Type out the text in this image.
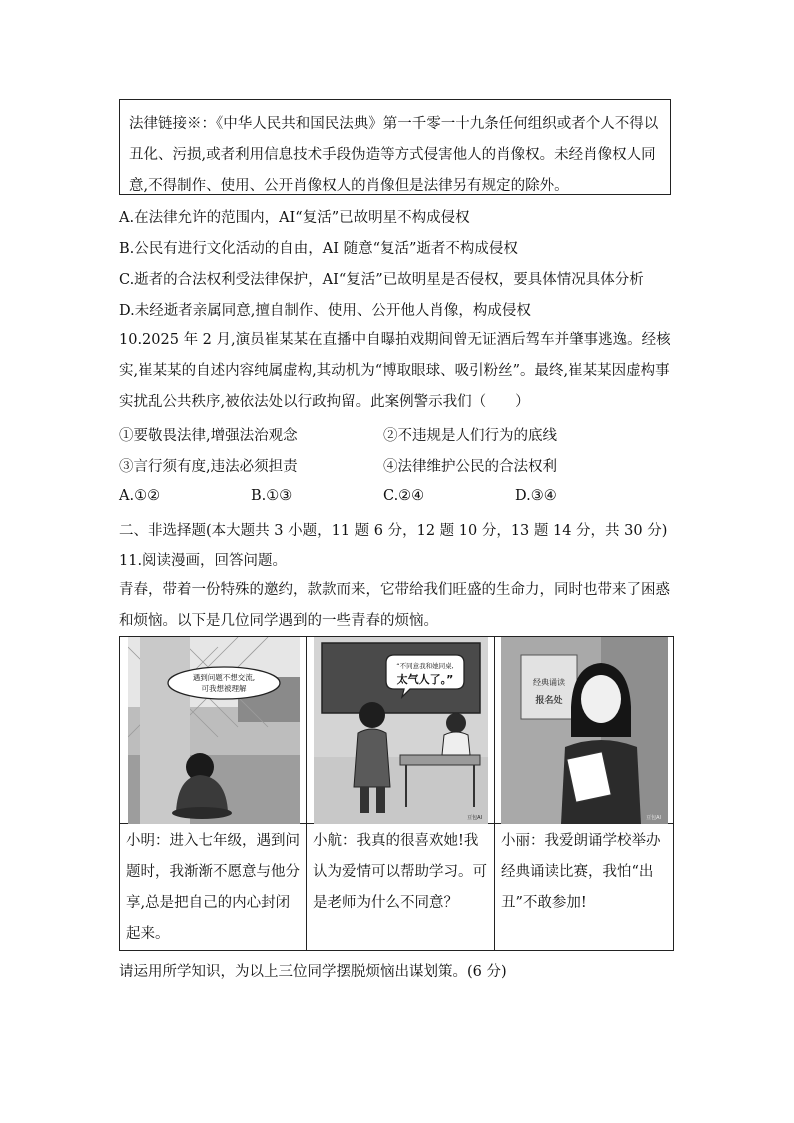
法律链接※：《中华人民共和国民法典》第一千零一十九条任何组织或者个人不得以丑化、污损,或者利用信息技术手段伪造等方式侵害他人的肖像权。未经肖像权人同意,不得制作、使用、公开肖像权人的肖像但是法律另有规定的除外。
A.在法律允许的范围内，AI“复活”已故明星不构成侵权
B.公民有进行文化活动的自由，AI 随意“复活”逝者不构成侵权
C.逝者的合法权利受法律保护，AI“复活”已故明星是否侵权，要具体情况具体分析
D.未经逝者亲属同意,擅自制作、使用、公开他人肖像，构成侵权
10.2025 年 2 月,演员崔某某在直播中自曝拍戏期间曾无证酒后驾车并肇事逃逸。经核实,崔某某的自述内容纯属虚构,其动机为“博取眼球、吸引粉丝”。最终,崔某某因虚构事实扰乱公共秩序,被依法处以行政拘留。此案例警示我们（　　）
①要敬畏法律,增强法治观念	②不违规是人们行为的底线
③言行须有度,违法必须担责	④法律维护公民的合法权利
A.①②	B.①③	C.②④	D.③④
二、非选择题(本大题共 3 小题，11 题 6 分，12 题 10 分，13 题 14 分，共 30 分)
11.阅读漫画，回答问题。
青春，带着一份特殊的邀约，款款而来，它带给我们旺盛的生命力，同时也带来了困惑和烦恼。以下是几位同学遇到的一些青春的烦恼。
遇到问题不想交流,
可我想被理解
“不同意我和她同桌,
太气人了。”
豆包AI
经典诵读
报名处
豆包AI
小明：进入七年级，遇到问题时，我渐渐不愿意与他分享,总是把自己的内心封闭起来。
小航：我真的很喜欢她!我认为爱情可以帮助学习。可是老师为什么不同意？
小丽：我爱朗诵学校举办经典诵读比赛，我怕“出丑”不敢参加!
请运用所学知识，为以上三位同学摆脱烦恼出谋划策。(6 分)
